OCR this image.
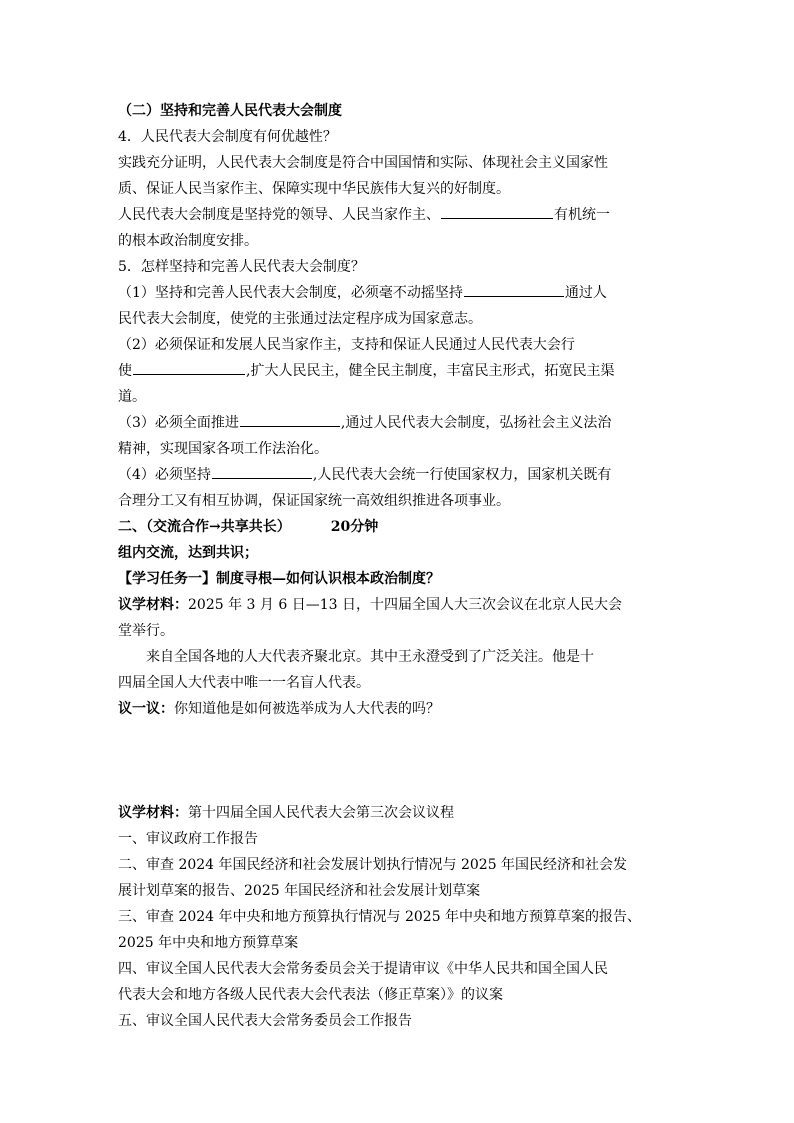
（二）坚持和完善人民代表大会制度
4．人民代表大会制度有何优越性？
实践充分证明，人民代表大会制度是符合中国国情和实际、体现社会主义国家性
质、保证人民当家作主、保障实现中华民族伟大复兴的好制度。
人民代表大会制度是坚持党的领导、人民当家作主、	有机统一
的根本政治制度安排。
5．怎样坚持和完善人民代表大会制度？
（1）坚持和完善人民代表大会制度，必须毫不动摇坚持	通过人
民代表大会制度，使党的主张通过法定程序成为国家意志。
（2）必须保证和发展人民当家作主，支持和保证人民通过人民代表大会行
使	,扩大人民民主，健全民主制度，丰富民主形式，拓宽民主渠
道。
（3）必须全面推进	,通过人民代表大会制度，弘扬社会主义法治
精神，实现国家各项工作法治化。
（4）必须坚持	,人民代表大会统一行使国家权力，国家机关既有
合理分工又有相互协调，保证国家统一高效组织推进各项事业。
二、（交流合作→共享共长）	20分钟
组内交流，达到共识；
【学习任务一】制度寻根—如何认识根本政治制度？
议学材料：2025 年 3 月 6 日—13 日，十四届全国人大三次会议在北京人民大会
堂举行。
来自全国各地的人大代表齐聚北京。其中王永澄受到了广泛关注。他是十
四届全国人大代表中唯一一名盲人代表。
议一议：你知道他是如何被选举成为人大代表的吗？
议学材料：第十四届全国人民代表大会第三次会议议程
一、审议政府工作报告
二、审查 2024 年国民经济和社会发展计划执行情况与 2025 年国民经济和社会发
展计划草案的报告、2025 年国民经济和社会发展计划草案
三、审查 2024 年中央和地方预算执行情况与 2025 年中央和地方预算草案的报告、
2025 年中央和地方预算草案
四、审议全国人民代表大会常务委员会关于提请审议《中华人民共和国全国人民
代表大会和地方各级人民代表大会代表法（修正草案）》的议案
五、审议全国人民代表大会常务委员会工作报告
